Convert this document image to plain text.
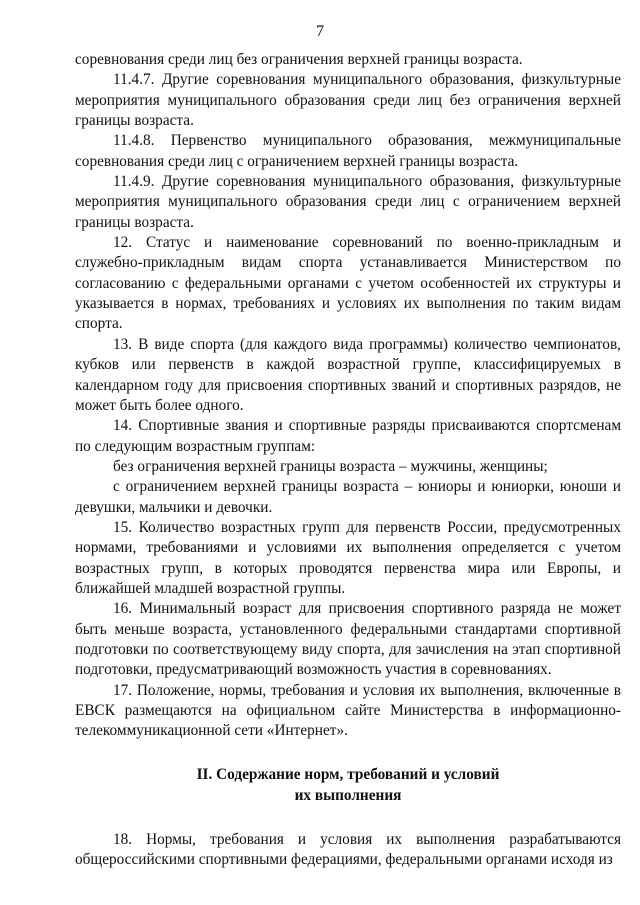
7

соревнования среди лиц без ограничения верхней границы возраста.

11.4.7. Другие соревнования муниципального образования, физкультурные мероприятия муниципального образования среди лиц без ограничения верхней границы возраста.

11.4.8. Первенство муниципального образования, межмуниципальные соревнования среди лиц с ограничением верхней границы возраста.

11.4.9. Другие соревнования муниципального образования, физкультурные мероприятия муниципального образования среди лиц с ограничением верхней границы возраста.

12. Статус и наименование соревнований по военно-прикладным и служебно-прикладным видам спорта устанавливается Министерством по согласованию с федеральными органами с учетом особенностей их структуры и указывается в нормах, требованиях и условиях их выполнения по таким видам спорта.

13. В виде спорта (для каждого вида программы) количество чемпионатов, кубков или первенств в каждой возрастной группе, классифицируемых в календарном году для присвоения спортивных званий и спортивных разрядов, не может быть более одного.

14. Спортивные звания и спортивные разряды присваиваются спортсменам по следующим возрастным группам:

без ограничения верхней границы возраста – мужчины, женщины;

с ограничением верхней границы возраста – юниоры и юниорки, юноши и девушки, мальчики и девочки.

15. Количество возрастных групп для первенств России, предусмотренных нормами, требованиями и условиями их выполнения определяется с учетом возрастных групп, в которых проводятся первенства мира или Европы, и ближайшей младшей возрастной группы.

16. Минимальный возраст для присвоения спортивного разряда не может быть меньше возраста, установленного федеральными стандартами спортивной подготовки по соответствующему виду спорта, для зачисления на этап спортивной подготовки, предусматривающий возможность участия в соревнованиях.

17. Положение, нормы, требования и условия их выполнения, включенные в ЕВСК размещаются на официальном сайте Министерства в информационно-телекоммуникационной сети «Интернет».

II. Содержание норм, требований и условий
их выполнения

18. Нормы, требования и условия их выполнения разрабатываются общероссийскими спортивными федерациями, федеральными органами исходя из
